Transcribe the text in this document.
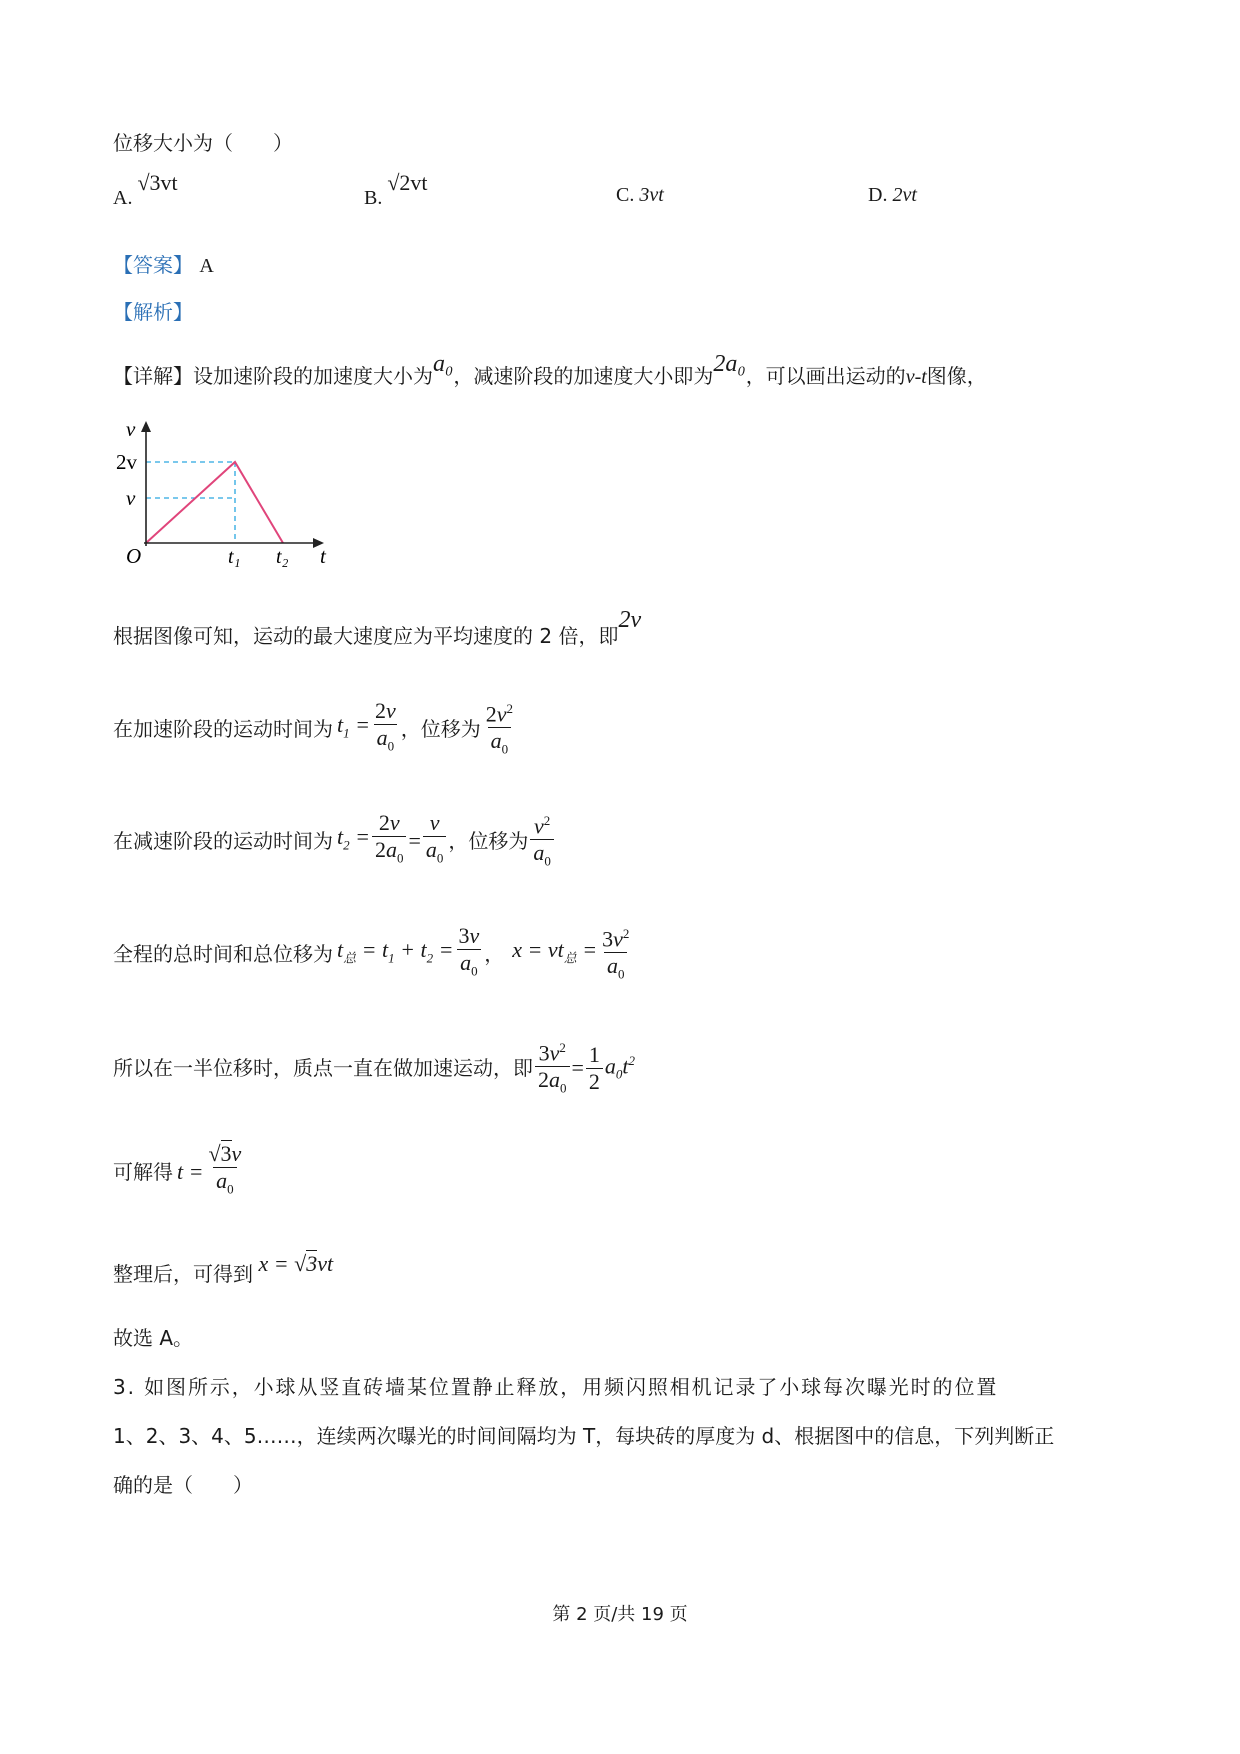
位移大小为（　　）
A. √3vt
B. √2vt	C. 3vt	D. 2vt
【答案】 A
【解析】
【详解】设加速阶段的加速度大小为a₀，减速阶段的加速度大小即为2a₀，可以画出运动的v-t图像，
v
2v
v
O	t₁ t₂ t
根据图像可知，运动的最大速度应为平均速度的 2 倍，即2v
在加速阶段的运动时间为 $t_1 = \frac{2v}{a_0}$ ，位移为 $\frac{2v^2}{a_0}$
在减速阶段的运动时间为 $t_2 = \frac{2v}{2a_0} = \frac{v}{a_0}$ ，位移为 $\frac{v^2}{a_0}$
全程的总时间和总位移为 $t_总 = t_1 + t_2 = \frac{3v}{a_0}$ ， $x = vt_总 = \frac{3v^2}{a_0}$
所以在一半位移时，质点一直在做加速运动，即 $\frac{3v^2}{2a_0} = \frac{1}{2} a_0t^2$
可解得 $t = \frac{√3v}{a_0}$
整理后，可得到 x = √3vt
故选 A。
3. 如图所示，小球从竖直砖墙某位置静止释放，用频闪照相机记录了小球每次曝光时的位置
1、2、3、4、5……，连续两次曝光的时间间隔均为 T，每块砖的厚度为 d、根据图中的信息，下列判断正
确的是（　　）
第 2 页/共 19 页
